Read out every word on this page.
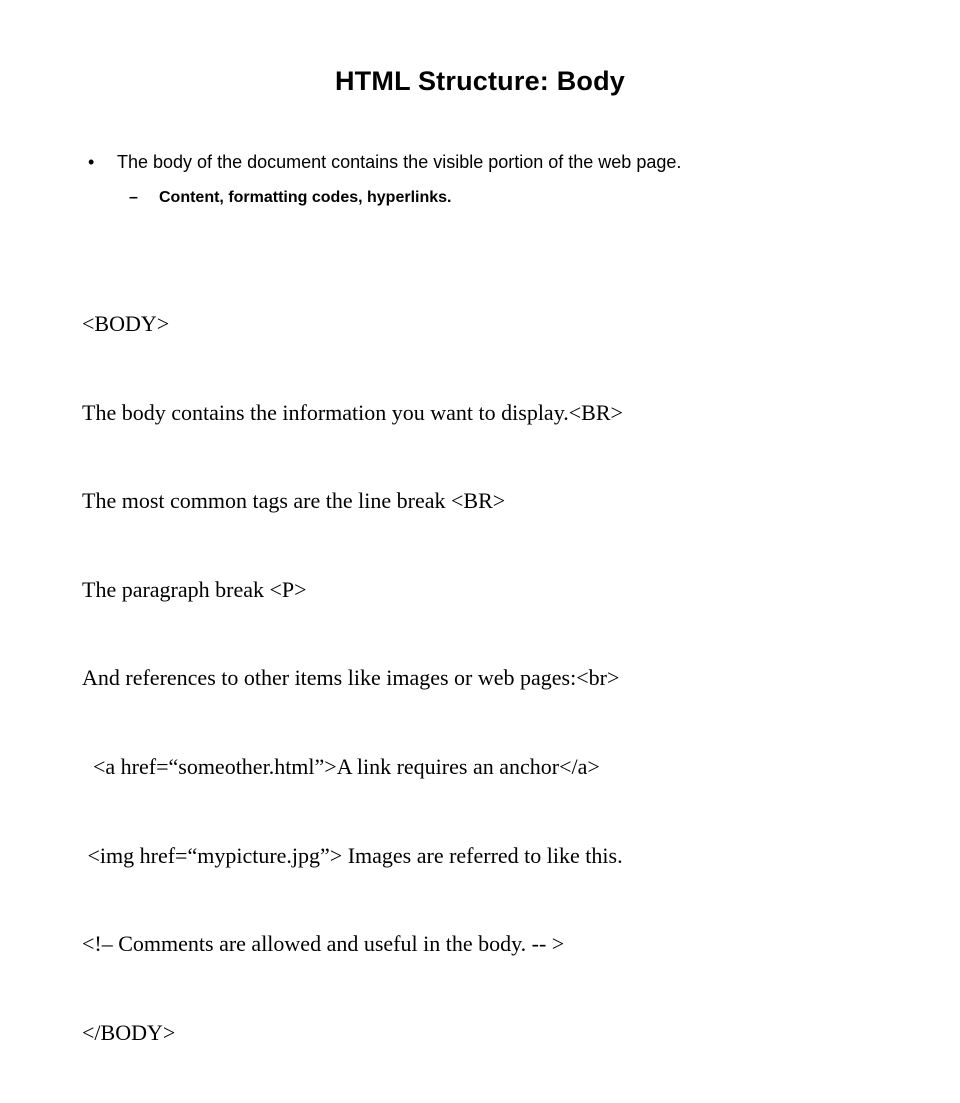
HTML Structure: Body
• The body of the document contains the visible portion of the web page.
– Content, formatting codes, hyperlinks.

<BODY>

The body contains the information you want to display.<BR>

The most common tags are the line break <BR>

The paragraph break <P>

And references to other items like images or web pages:<br>

<a href=“someother.html”>A link requires an anchor</a>

<img href=“mypicture.jpg”> Images are referred to like this.

<!– Comments are allowed and useful in the body. -- >

</BODY>
